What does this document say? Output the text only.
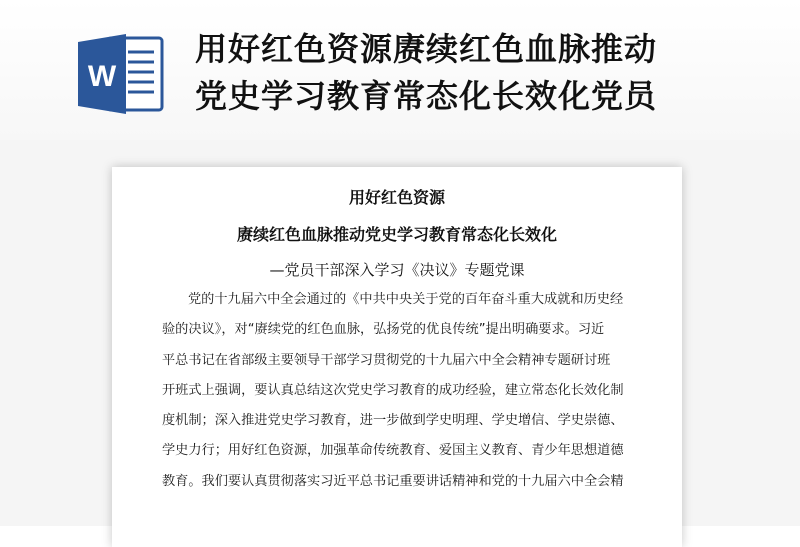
W
用好红色资源赓续红色血脉推动
党史学习教育常态化长效化党员

用好红色资源

赓续红色血脉推动党史学习教育常态化长效化

—党员干部深入学习《决议》专题党课

党的十九届六中全会通过的《中共中央关于党的百年奋斗重大成就和历史经
验的决议》，对“赓续党的红色血脉，弘扬党的优良传统”提出明确要求。习近
平总书记在省部级主要领导干部学习贯彻党的十九届六中全会精神专题研讨班
开班式上强调，要认真总结这次党史学习教育的成功经验，建立常态化长效化制
度机制；深入推进党史学习教育，进一步做到学史明理、学史增信、学史崇德、
学史力行；用好红色资源，加强革命传统教育、爱国主义教育、青少年思想道德
教育。我们要认真贯彻落实习近平总书记重要讲话精神和党的十九届六中全会精
